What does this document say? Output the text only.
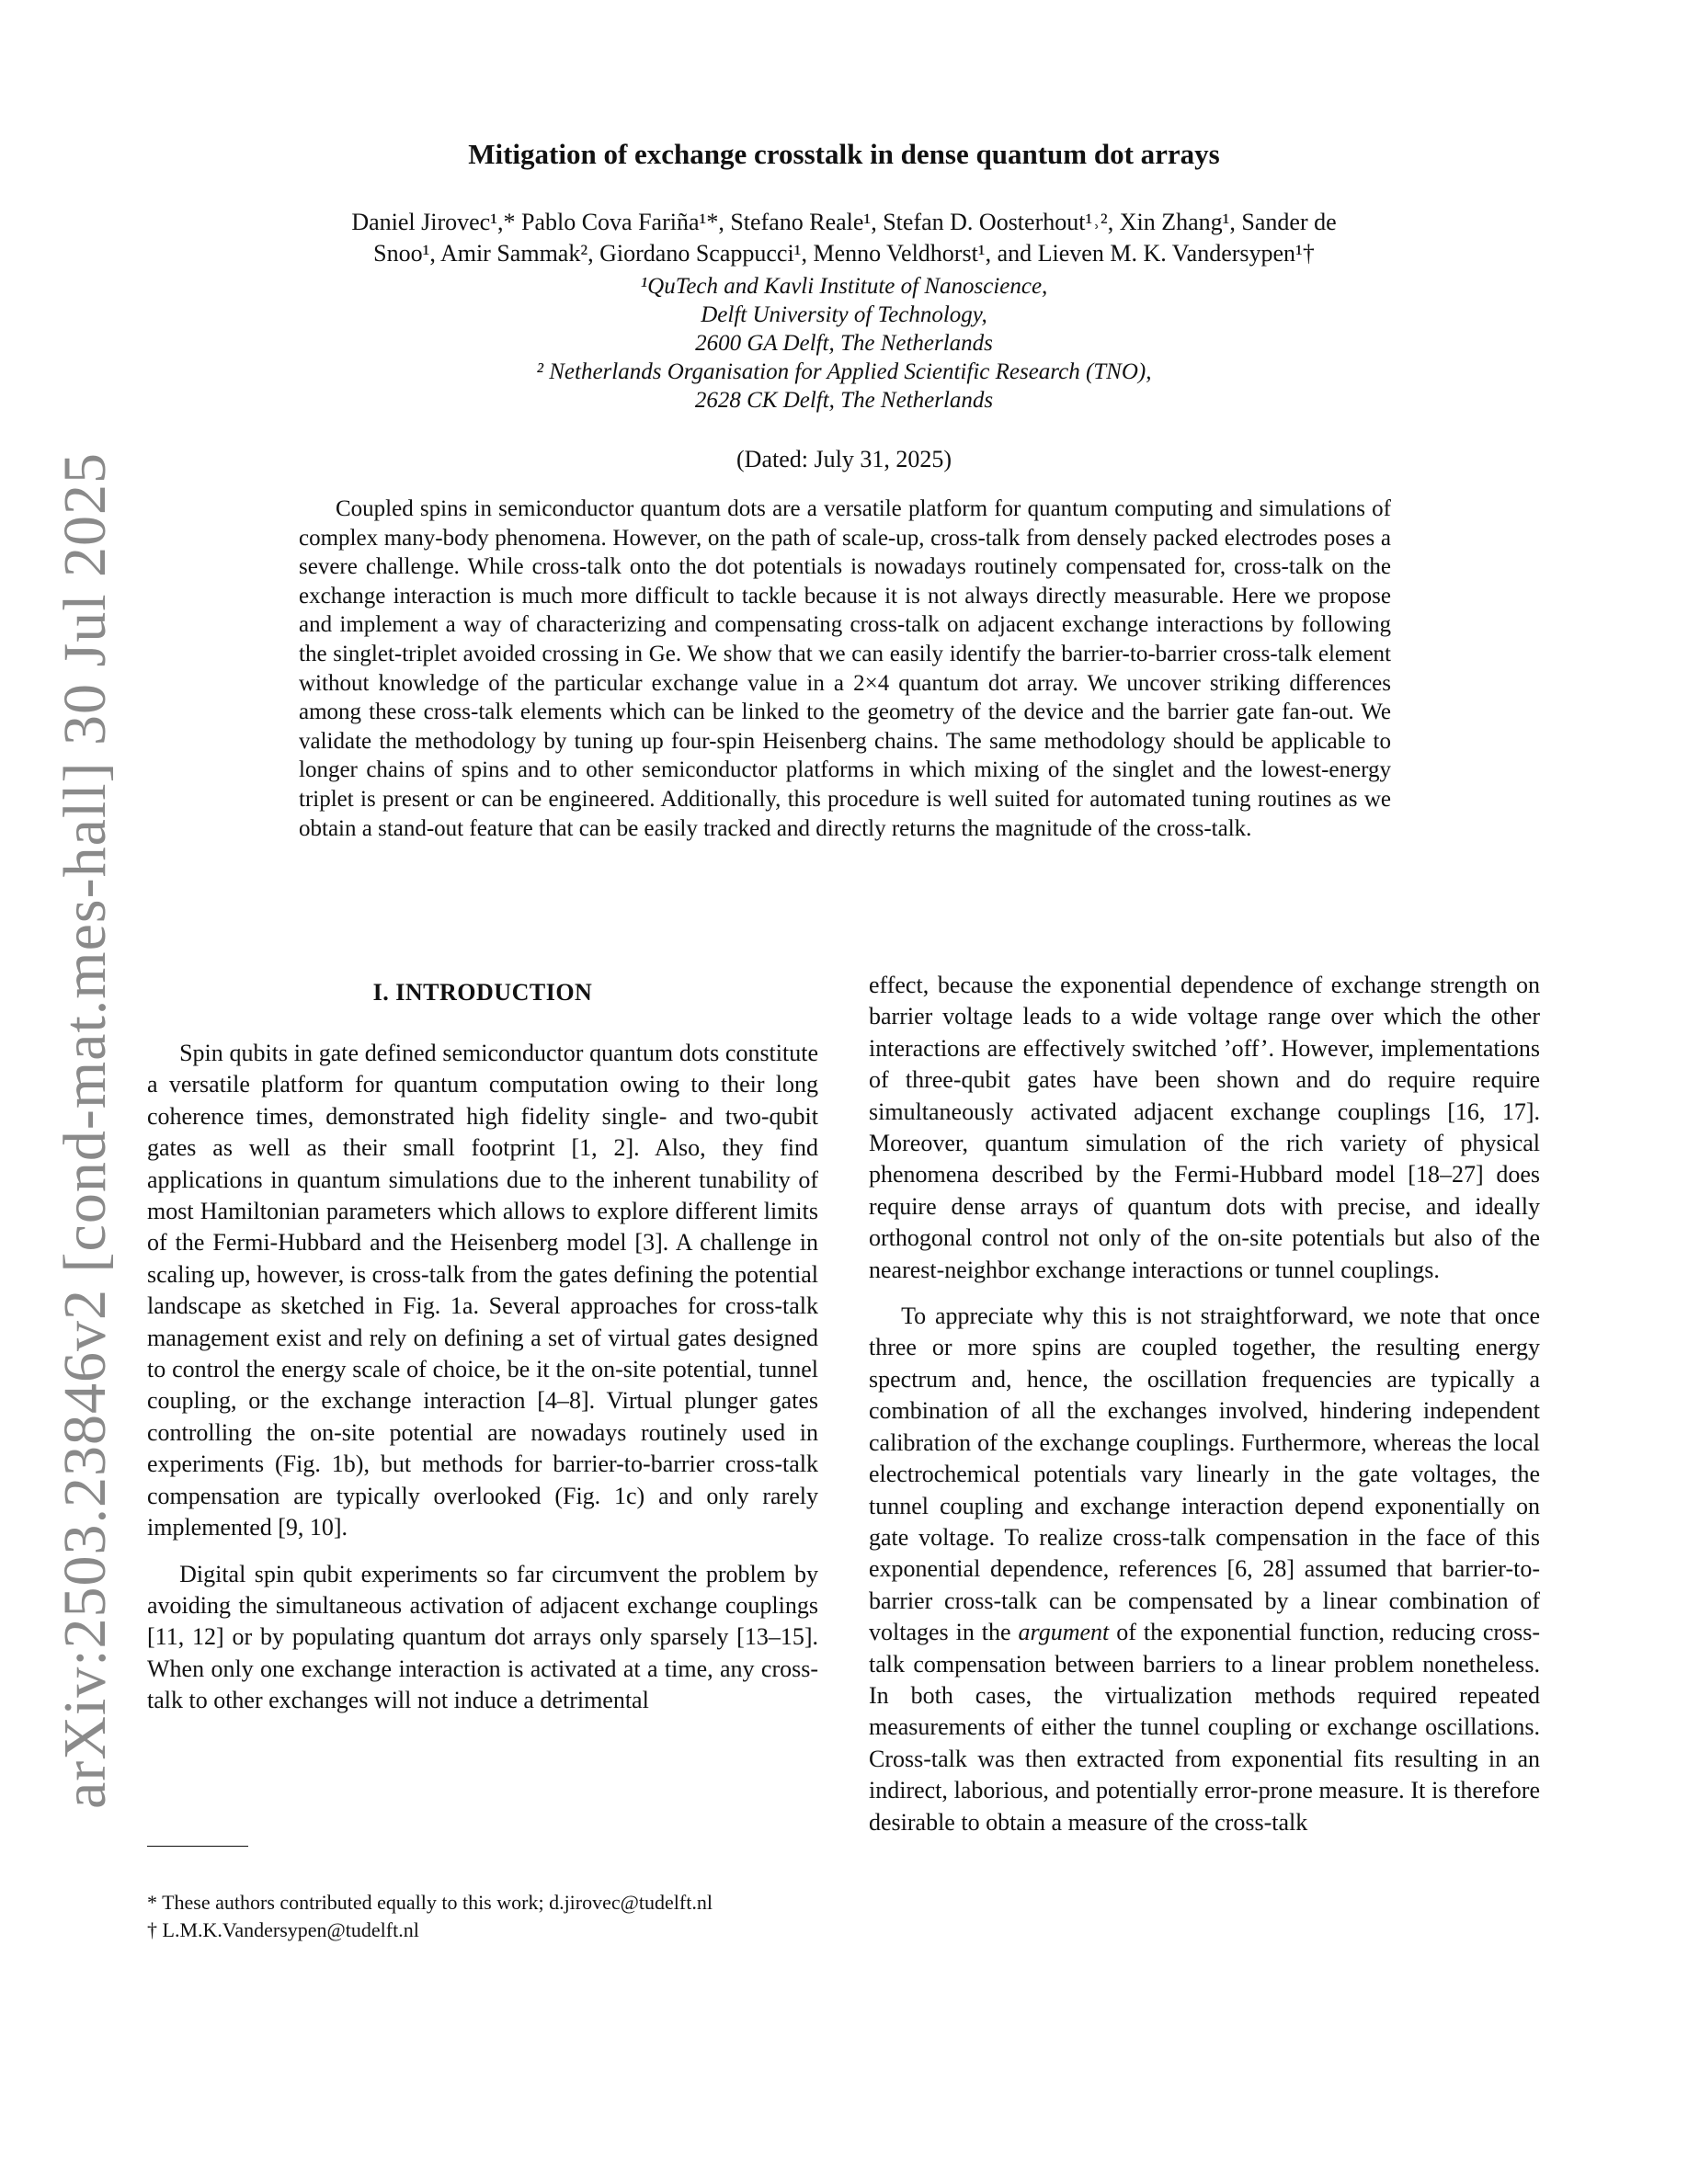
arXiv:2503.23846v2 [cond-mat.mes-hall] 30 Jul 2025
Mitigation of exchange crosstalk in dense quantum dot arrays
Daniel Jirovec¹,* Pablo Cova Fariña¹*, Stefano Reale¹, Stefan D. Oosterhout¹˒², Xin Zhang¹, Sander de
Snoo¹, Amir Sammak², Giordano Scappucci¹, Menno Veldhorst¹, and Lieven M. K. Vandersypen¹†
¹QuTech and Kavli Institute of Nanoscience,
Delft University of Technology,
2600 GA Delft, The Netherlands
² Netherlands Organisation for Applied Scientific Research (TNO),
2628 CK Delft, The Netherlands
(Dated: July 31, 2025)

Coupled spins in semiconductor quantum dots are a versatile platform for quantum computing and simulations of complex many-body phenomena. However, on the path of scale-up, cross-talk from densely packed electrodes poses a severe challenge. While cross-talk onto the dot potentials is nowadays routinely compensated for, cross-talk on the exchange interaction is much more difficult to tackle because it is not always directly measurable. Here we propose and implement a way of characterizing and compensating cross-talk on adjacent exchange interactions by following the singlet-triplet avoided crossing in Ge. We show that we can easily identify the barrier-to-barrier cross-talk element without knowledge of the particular exchange value in a 2×4 quantum dot array. We uncover striking differences among these cross-talk elements which can be linked to the geometry of the device and the barrier gate fan-out. We validate the methodology by tuning up four-spin Heisenberg chains. The same methodology should be applicable to longer chains of spins and to other semiconductor platforms in which mixing of the singlet and the lowest-energy triplet is present or can be engineered. Additionally, this procedure is well suited for automated tuning routines as we obtain a stand-out feature that can be easily tracked and directly returns the magnitude of the cross-talk.

I. INTRODUCTION

Spin qubits in gate defined semiconductor quantum dots constitute a versatile platform for quantum computation owing to their long coherence times, demonstrated high fidelity single- and two-qubit gates as well as their small footprint [1, 2]. Also, they find applications in quantum simulations due to the inherent tunability of most Hamiltonian parameters which allows to explore different limits of the Fermi-Hubbard and the Heisenberg model [3]. A challenge in scaling up, however, is cross-talk from the gates defining the potential landscape as sketched in Fig. 1a. Several approaches for cross-talk management exist and rely on defining a set of virtual gates designed to control the energy scale of choice, be it the on-site potential, tunnel coupling, or the exchange interaction [4–8]. Virtual plunger gates controlling the on-site potential are nowadays routinely used in experiments (Fig. 1b), but methods for barrier-to-barrier cross-talk compensation are typically overlooked (Fig. 1c) and only rarely implemented [9, 10].

Digital spin qubit experiments so far circumvent the problem by avoiding the simultaneous activation of adjacent exchange couplings [11, 12] or by populating quantum dot arrays only sparsely [13–15]. When only one exchange interaction is activated at a time, any cross-talk to other exchanges will not induce a detrimental

effect, because the exponential dependence of exchange strength on barrier voltage leads to a wide voltage range over which the other interactions are effectively switched ’off’. However, implementations of three-qubit gates have been shown and do require require simultaneously activated adjacent exchange couplings [16, 17]. Moreover, quantum simulation of the rich variety of physical phenomena described by the Fermi-Hubbard model [18–27] does require dense arrays of quantum dots with precise, and ideally orthogonal control not only of the on-site potentials but also of the nearest-neighbor exchange interactions or tunnel couplings.

To appreciate why this is not straightforward, we note that once three or more spins are coupled together, the resulting energy spectrum and, hence, the oscillation frequencies are typically a combination of all the exchanges involved, hindering independent calibration of the exchange couplings. Furthermore, whereas the local electrochemical potentials vary linearly in the gate voltages, the tunnel coupling and exchange interaction depend exponentially on gate voltage. To realize cross-talk compensation in the face of this exponential dependence, references [6, 28] assumed that barrier-to-barrier cross-talk can be compensated by a linear combination of voltages in the argument of the exponential function, reducing cross-talk compensation between barriers to a linear problem nonetheless. In both cases, the virtualization methods required repeated measurements of either the tunnel coupling or exchange oscillations. Cross-talk was then extracted from exponential fits resulting in an indirect, laborious, and potentially error-prone measure. It is therefore desirable to obtain a measure of the cross-talk

* These authors contributed equally to this work; d.jirovec@tudelft.nl
† L.M.K.Vandersypen@tudelft.nl
